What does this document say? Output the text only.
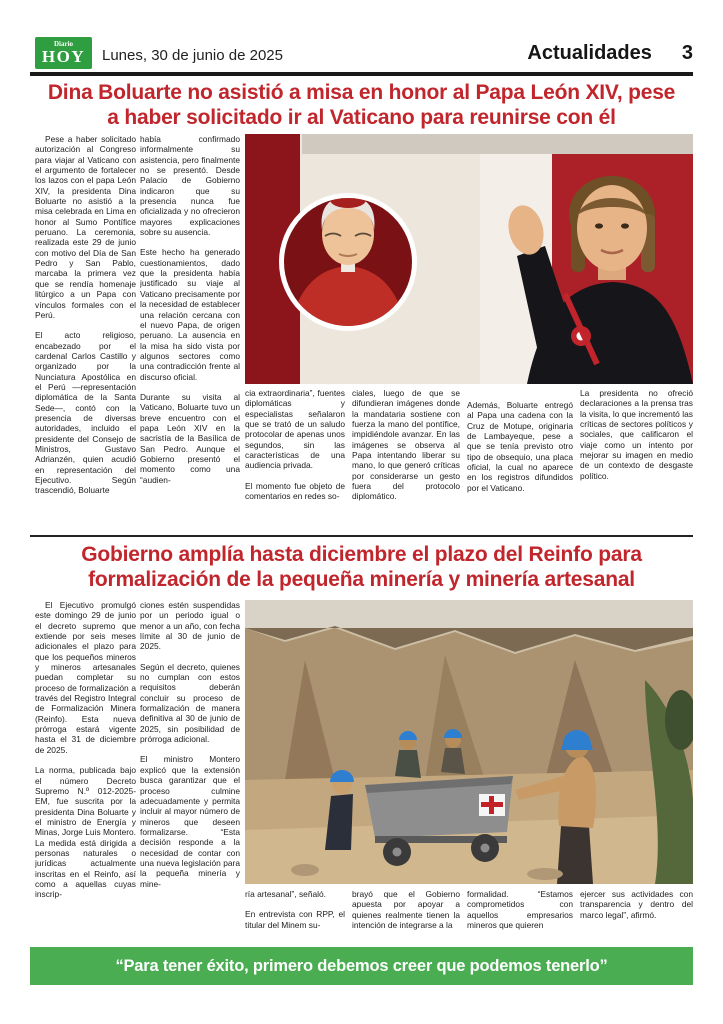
Diario
HOY	Lunes, 30 de junio de 2025	Actualidades 3
Dina Boluarte no asistió a misa en honor al Papa León XIV, pese a haber solicitado ir al Vaticano para reunirse con él

Pese a haber solicitado autorización al Congreso para viajar al Vaticano con el argumento de fortalecer los lazos con el papa León XIV, la presidenta Dina Boluarte no asistió a la misa celebrada en Lima en honor al Sumo Pontífice peruano. La ceremonia, realizada este 29 de junio con motivo del Día de San Pedro y San Pablo, marcaba la primera vez que se rendía homenaje litúrgico a un Papa con vínculos formales con el Perú.

El acto religioso, encabezado por el cardenal Carlos Castillo y organizado por la Nunciatura Apostólica en el Perú —representación diplomática de la Santa Sede—, contó con la presencia de diversas autoridades, incluido el presidente del Consejo de Ministros, Gustavo Adrianzén, quien acudió en representación del Ejecutivo. Según trascendió, Boluarte

había confirmado informalmente su asistencia, pero finalmente no se presentó. Desde Palacio de Gobierno indicaron que su presencia nunca fue oficializada y no ofrecieron mayores explicaciones sobre su ausencia.

Este hecho ha generado cuestionamientos, dado que la presidenta había justificado su viaje al Vaticano precisamente por la necesidad de establecer una relación cercana con el nuevo Papa, de origen peruano. La ausencia en la misa ha sido vista por algunos sectores como una contradicción frente al discurso oficial.

Durante su visita al Vaticano, Boluarte tuvo un breve encuentro con el papa León XIV en la sacristía de la Basílica de San Pedro. Aunque el Gobierno presentó el momento como una “audien-

cia extraordinaria”, fuentes diplomáticas y especialistas señalaron que se trató de un saludo protocolar de apenas unos segundos, sin las características de una audiencia privada.

El momento fue objeto de comentarios en redes so-

ciales, luego de que se difundieran imágenes donde la mandataria sostiene con fuerza la mano del pontífice, impidiéndole avanzar. En las imágenes se observa al Papa intentando liberar su mano, lo que generó críticas por considerarse un gesto fuera del protocolo diplomático.

Además, Boluarte entregó al Papa una cadena con la Cruz de Motupe, originaria de Lambayeque, pese a que se tenía previsto otro tipo de obsequio, una placa oficial, la cual no aparece en los registros difundidos por el Vaticano.

La presidenta no ofreció declaraciones a la prensa tras la visita, lo que incrementó las críticas de sectores políticos y sociales, que calificaron el viaje como un intento por mejorar su imagen en medio de un contexto de desgaste político.

Gobierno amplía hasta diciembre el plazo del Reinfo para formalización de la pequeña minería y minería artesanal

El Ejecutivo promulgó este domingo 29 de junio el decreto supremo que extiende por seis meses adicionales el plazo para que los pequeños mineros y mineros artesanales puedan completar su proceso de formalización a través del Registro Integral de Formalización Minera (Reinfo). Esta nueva prórroga estará vigente hasta el 31 de diciembre de 2025.

La norma, publicada bajo el número Decreto Supremo N.º 012-2025-EM, fue suscrita por la presidenta Dina Boluarte y el ministro de Energía y Minas, Jorge Luis Montero. La medida está dirigida a personas naturales o jurídicas actualmente inscritas en el Reinfo, así como a aquellas cuyas inscrip-

ciones estén suspendidas por un periodo igual o menor a un año, con fecha límite al 30 de junio de 2025.

Según el decreto, quienes no cumplan con estos requisitos deberán concluir su proceso de formalización de manera definitiva al 30 de junio de 2025, sin posibilidad de prórroga adicional.

El ministro Montero explicó que la extensión busca garantizar que el proceso culmine adecuadamente y permita incluir al mayor número de mineros que deseen formalizarse. “Esta decisión responde a la necesidad de contar con una nueva legislación para la pequeña minería y mine-

ría artesanal”, señaló.

En entrevista con RPP, el titular del Minem su-

brayó que el Gobierno apuesta por apoyar a quienes realmente tienen la intención de integrarse a la

formalidad. “Estamos comprometidos con aquellos empresarios mineros que quieren

ejercer sus actividades con transparencia y dentro del marco legal”, afirmó.

“Para tener éxito, primero debemos creer que podemos tenerlo”
